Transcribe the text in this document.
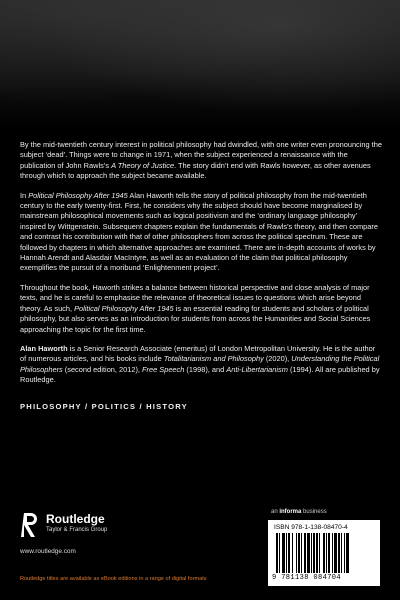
By the mid-twentieth century interest in political philosophy had dwindled, with one writer even pronouncing the subject ‘dead’. Things were to change in 1971, when the subject experienced a renaissance with the publication of John Rawls’s A Theory of Justice. The story didn’t end with Rawls however, as other avenues through which to approach the subject became available.

In Political Philosophy After 1945 Alan Haworth tells the story of political philosophy from the mid-twentieth century to the early twenty-first. First, he considers why the subject should have become marginalised by mainstream philosophical movements such as logical positivism and the ‘ordinary language philosophy’ inspired by Wittgenstein. Subsequent chapters explain the fundamentals of Rawls’s theory, and then compare and contrast his contribution with that of other philosophers from across the political spectrum. These are followed by chapters in which alternative approaches are examined. There are in-depth accounts of works by Hannah Arendt and Alasdair MacIntyre, as well as an evaluation of the claim that political philosophy exemplifies the pursuit of a moribund ‘Enlightenment project’.

Throughout the book, Haworth strikes a balance between historical perspective and close analysis of major texts, and he is careful to emphasise the relevance of theoretical issues to questions which arise beyond theory. As such, Political Philosophy After 1945 is an essential reading for students and scholars of political philosophy, but also serves as an introduction for students from across the Humanities and Social Sciences approaching the topic for the first time.

Alan Haworth is a Senior Research Associate (emeritus) of London Metropolitan University. He is the author of numerous articles, and his books include Totalitarianism and Philosophy (2020), Understanding the Political Philosophers (second edition, 2012), Free Speech (1998), and Anti-Libertarianism (1994). All are published by Routledge.

PHILOSOPHY / POLITICS / HISTORY
Routledge
Taylor & Francis Group
www.routledge.com
Routledge titles are available as eBook editions in a range of digital formats
an informa business
ISBN 978-1-138-08470-4
9 781138 084704
